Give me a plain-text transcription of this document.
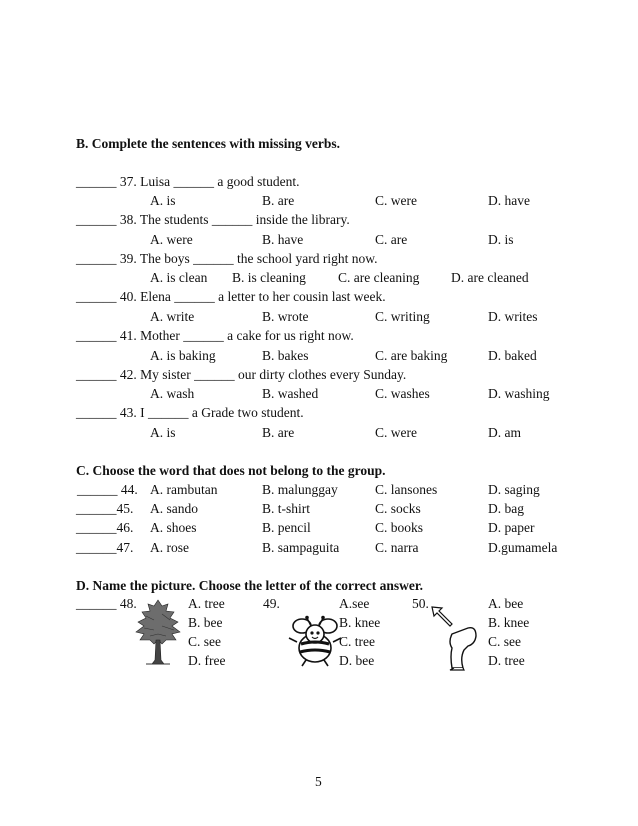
B. Complete the sentences with missing verbs.
______ 37. Luisa ______ a good student.
A. is	B. are	C. were	D. have
______ 38. The students ______ inside the library.
A. were	B. have	C. are	D. is
______ 39. The boys ______ the school yard right now.
A. is clean B. is cleaning C. are cleaning D. are cleaned
______ 40. Elena ______ a letter to her cousin last week.
A. write	B. wrote	C. writing	D. writes
______ 41. Mother ______ a cake for us right now.
A. is baking	B. bakes	C. are baking	D. baked
______ 42. My sister ______ our dirty clothes every Sunday.
A. wash	B. washed	C. washes	D. washing
______ 43. I ______ a Grade two student.
A. is	B. are	C. were	D. am
C. Choose the word that does not belong to the group.
______ 44. A. rambutan	B. malunggay	C. lansones	D. saging
______45. A. sando	B. t-shirt	C. socks	D. bag
______46. A. shoes	B. pencil	C. books	D. paper
______47. A. rose	B. sampaguita	C. narra	D.gumamela
D. Name the picture. Choose the letter of the correct answer.
______ 48.	A. tree
B. bee
C. see
D. free
49.	A.see
B. knee
C. tree
D. bee
50.	A. bee
B. knee
C. see
D. tree
5
